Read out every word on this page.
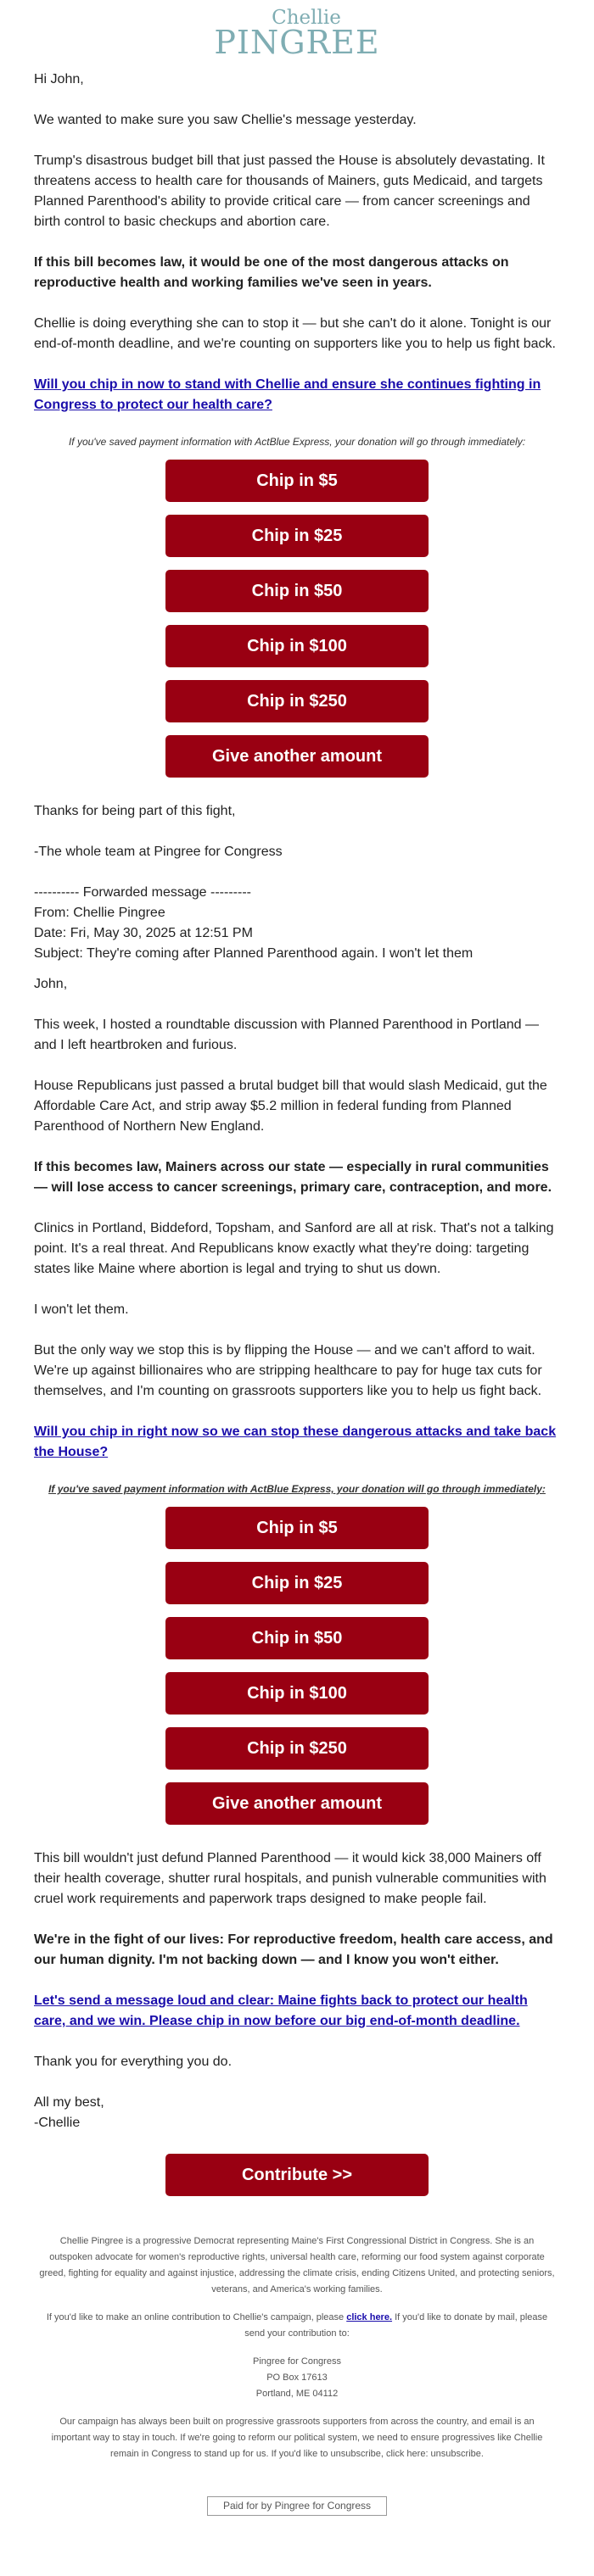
Chellie
PINGREE

Hi John,

We wanted to make sure you saw Chellie's message yesterday.

Trump's disastrous budget bill that just passed the House is absolutely devastating. It threatens access to health care for thousands of Mainers, guts Medicaid, and targets Planned Parenthood's ability to provide critical care — from cancer screenings and birth control to basic checkups and abortion care.

If this bill becomes law, it would be one of the most dangerous attacks on reproductive health and working families we've seen in years.

Chellie is doing everything she can to stop it — but she can't do it alone. Tonight is our end-of-month deadline, and we're counting on supporters like you to help us fight back.

Will you chip in now to stand with Chellie and ensure she continues fighting in Congress to protect our health care?

If you've saved payment information with ActBlue Express, your donation will go through immediately:

Chip in $5
Chip in $25
Chip in $50
Chip in $100
Chip in $250
Give another amount

Thanks for being part of this fight,

-The whole team at Pingree for Congress

---------- Forwarded message ---------

From: Chellie Pingree

Date: Fri, May 30, 2025 at 12:51 PM

Subject: They're coming after Planned Parenthood again. I won't let them

John,

This week, I hosted a roundtable discussion with Planned Parenthood in Portland — and I left heartbroken and furious.

House Republicans just passed a brutal budget bill that would slash Medicaid, gut the Affordable Care Act, and strip away $5.2 million in federal funding from Planned Parenthood of Northern New England.

If this becomes law, Mainers across our state — especially in rural communities — will lose access to cancer screenings, primary care, contraception, and more.

Clinics in Portland, Biddeford, Topsham, and Sanford are all at risk. That's not a talking point. It's a real threat. And Republicans know exactly what they're doing: targeting states like Maine where abortion is legal and trying to shut us down.

I won't let them.

But the only way we stop this is by flipping the House — and we can't afford to wait. We're up against billionaires who are stripping healthcare to pay for huge tax cuts for themselves, and I'm counting on grassroots supporters like you to help us fight back.

Will you chip in right now so we can stop these dangerous attacks and take back the House?

If you've saved payment information with ActBlue Express, your donation will go through immediately:

Chip in $5
Chip in $25
Chip in $50
Chip in $100
Chip in $250
Give another amount

This bill wouldn't just defund Planned Parenthood — it would kick 38,000 Mainers off their health coverage, shutter rural hospitals, and punish vulnerable communities with cruel work requirements and paperwork traps designed to make people fail.

We're in the fight of our lives: For reproductive freedom, health care access, and our human dignity. I'm not backing down — and I know you won't either.

Let's send a message loud and clear: Maine fights back to protect our health care, and we win. Please chip in now before our big end-of-month deadline.

Thank you for everything you do.

All my best,

-Chellie

Contribute >>

Chellie Pingree is a progressive Democrat representing Maine's First Congressional District in Congress. She is an outspoken advocate for women's reproductive rights, universal health care, reforming our food system against corporate greed, fighting for equality and against injustice, addressing the climate crisis, ending Citizens United, and protecting seniors, veterans, and America's working families.

If you'd like to make an online contribution to Chellie's campaign, please click here. If you'd like to donate by mail, please send your contribution to:

Pingree for Congress
PO Box 17613
Portland, ME 04112

Our campaign has always been built on progressive grassroots supporters from across the country, and email is an important way to stay in touch. If we're going to reform our political system, we need to ensure progressives like Chellie remain in Congress to stand up for us. If you'd like to unsubscribe, click here: unsubscribe.

Paid for by Pingree for Congress
